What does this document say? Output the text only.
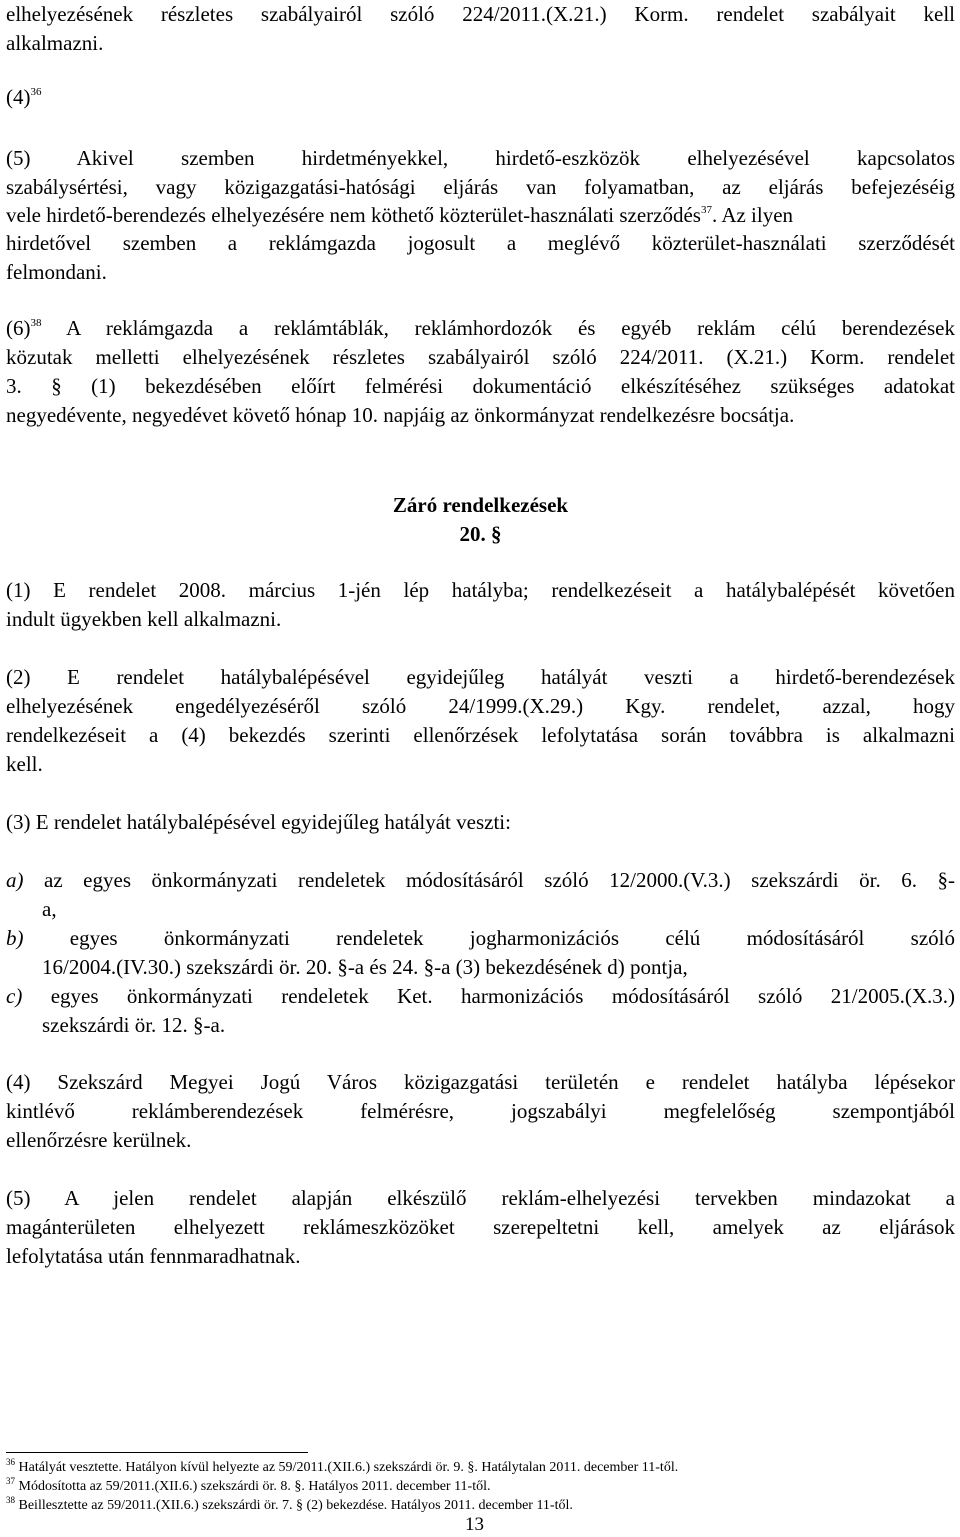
elhelyezésének részletes szabályairól szóló 224/2011.(X.21.) Korm. rendelet szabályait kell
alkalmazni.
$(4)^{36}$
(5) Akivel szemben hirdetményekkel, hirdető-eszközök elhelyezésével kapcsolatos
szabálysértési, vagy közigazgatási-hatósági eljárás van folyamatban, az eljárás befejezéséig
vele hirdető-berendezés elhelyezésére nem köthető közterület-használati szerződés$^{37}$. Az ilyen
hirdetővel szemben a reklámgazda jogosult a meglévő közterület-használati szerződését
felmondani.
$(6)^{38}$ A reklámgazda a reklámtáblák, reklámhordozók és egyéb reklám célú berendezések
közutak melletti elhelyezésének részletes szabályairól szóló 224/2011. (X.21.) Korm. rendelet
3. § (1) bekezdésében előírt felmérési dokumentáció elkészítéséhez szükséges adatokat
negyedévente, negyedévet követő hónap 10. napjáig az önkormányzat rendelkezésre bocsátja.
Záró rendelkezések
20. §
(1) E rendelet 2008. március 1-jén lép hatályba; rendelkezéseit a hatálybalépését követően
indult ügyekben kell alkalmazni.
(2) E rendelet hatálybalépésével egyidejűleg hatályát veszti a hirdető-berendezések
elhelyezésének engedélyezéséről szóló 24/1999.(X.29.) Kgy. rendelet, azzal, hogy
rendelkezéseit a (4) bekezdés szerinti ellenőrzések lefolytatása során továbbra is alkalmazni
kell.
(3) E rendelet hatálybalépésével egyidejűleg hatályát veszti:
a) az egyes önkormányzati rendeletek módosításáról szóló 12/2000.(V.3.) szekszárdi ör. 6. §-
a,
b) egyes önkormányzati rendeletek jogharmonizációs célú módosításáról szóló
16/2004.(IV.30.) szekszárdi ör. 20. §-a és 24. §-a (3) bekezdésének d) pontja,
c) egyes önkormányzati rendeletek Ket. harmonizációs módosításáról szóló 21/2005.(X.3.)
szekszárdi ör. 12. §-a.
(4) Szekszárd Megyei Jogú Város közigazgatási területén e rendelet hatályba lépésekor
kintlévő reklámberendezések felmérésre, jogszabályi megfelelőség szempontjából
ellenőrzésre kerülnek.
(5) A jelen rendelet alapján elkészülő reklám-elhelyezési tervekben mindazokat a
magánterületen elhelyezett reklámeszközöket szerepeltetni kell, amelyek az eljárások
lefolytatása után fennmaradhatnak.
$^{36}$ Hatályát vesztette. Hatályon kívül helyezte az 59/2011.(XII.6.) szekszárdi ör. 9. §. Hatálytalan 2011. december 11-től.
$^{37}$ Módosította az 59/2011.(XII.6.) szekszárdi ör. 8. §. Hatályos 2011. december 11-től.
$^{38}$ Beillesztette az 59/2011.(XII.6.) szekszárdi ör. 7. § (2) bekezdése. Hatályos 2011. december 11-től.
13
